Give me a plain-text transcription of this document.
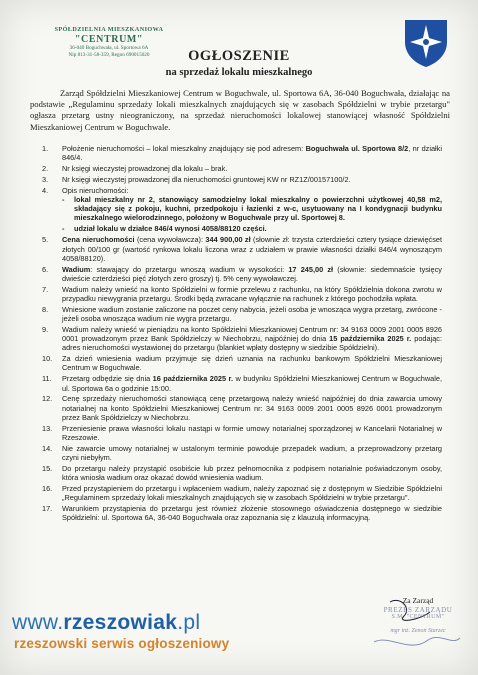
SPÓŁDZIELNIA MIESZKANIOWA
"CENTRUM"
36-040 Boguchwała, ul. Sportowa 6A
Nip 813-31-58-359, Regon 690015020	OGŁOSZENIE
na sprzedaż lokalu mieszkalnego
Zarząd Spółdzielni Mieszkaniowej Centrum w Boguchwale, ul. Sportowa 6A, 36-040 Boguchwała, działając na podstawie „Regulaminu sprzedaży lokali mieszkalnych znajdujących się w zasobach Spółdzielni w trybie przetargu" ogłasza przetarg ustny nieograniczony, na sprzedaż nieruchomości lokalowej stanowiącej własność Spółdzielni Mieszkaniowej Centrum w Boguchwale.
1. Położenie nieruchomości – lokal mieszkalny znajdujący się pod adresem: Boguchwała ul. Sportowa 8/2, nr działki 846/4.
2. Nr księgi wieczystej prowadzonej dla lokalu – brak.
3. Nr księgi wieczystej prowadzonej dla nieruchomości gruntowej KW nr RZ1Z/00157100/2.
4. Opis nieruchomości:
- lokal mieszkalny nr 2, stanowiący samodzielny lokal mieszkalny o powierzchni użytkowej 40,58 m2, składający się z pokoju, kuchni, przedpokoju i łazienki z w-c, usytuowany na I kondygnacji budynku mieszkalnego wielorodzinnego, położony w Boguchwale przy ul. Sportowej 8.
- udział lokalu w działce 846/4 wynosi 4058/88120 części.
5. Cena nieruchomości (cena wywoławcza): 344 900,00 zł (słownie zł: trzysta czterdzieści cztery tysiące dziewięćset złotych 00/100 gr (wartość rynkowa lokalu liczona wraz z udziałem w prawie własności działki 846/4 wynoszącym 4058/88120).
6. Wadium: stawający do przetargu wnoszą wadium w wysokości: 17 245,00 zł (słownie: siedemnaście tysięcy dwieście czterdzieści pięć złotych zero groszy) tj. 5% ceny wywoławczej.
7. Wadium należy wnieść na konto Spółdzielni w formie przelewu z rachunku, na który Spółdzielnia dokona zwrotu w przypadku niewygrania przetargu. Środki będą zwracane wyłącznie na rachunek z którego pochodziła wpłata.
8. Wniesione wadium zostanie zaliczone na poczet ceny nabycia, jeżeli osoba je wnosząca wygra przetarg, zwrócone - jeżeli osoba wnosząca wadium nie wygra przetargu.
9. Wadium należy wnieść w pieniądzu na konto Spółdzielni Mieszkaniowej Centrum nr: 34 9163 0009 2001 0005 8926 0001 prowadzonym przez Bank Spółdzielczy w Niechobrzu, najpóźniej do dnia 15 października 2025 r. podając: adres nieruchomości wystawionej do przetargu (blankiet wpłaty dostępny w siedzibie Spółdzielni).
10. Za dzień wniesienia wadium przyjmuje się dzień uznania na rachunku bankowym Spółdzielni Mieszkaniowej Centrum w Boguchwale.
11. Przetarg odbędzie się dnia 16 października 2025 r. w budynku Spółdzielni Mieszkaniowej Centrum w Boguchwale, ul. Sportowa 6a o godzinie 15:00.
12. Cenę sprzedaży nieruchomości stanowiącą cenę przetargową należy wnieść najpóźniej do dnia zawarcia umowy notarialnej na konto Spółdzielni Mieszkaniowej Centrum nr: 34 9163 0009 2001 0005 8926 0001 prowadzonym przez Bank Spółdzielczy w Niechobrzu.
13. Przeniesienie prawa własności lokalu nastąpi w formie umowy notarialnej sporządzonej w Kancelarii Notarialnej w Rzeszowie.
14. Nie zawarcie umowy notarialnej w ustalonym terminie powoduje przepadek wadium, a przeprowadzony przetarg czyni niebyłym.
15. Do przetargu należy przystąpić osobiście lub przez pełnomocnika z podpisem notarialnie poświadczonym osoby, która wniosła wadium oraz okazać dowód wniesienia wadium.
16. Przed przystąpieniem do przetargu i wpłaceniem wadium, należy zapoznać się z dostępnym w Siedzibie Spółdzielni „Regulaminem sprzedaży lokali mieszkalnych znajdujących się w zasobach Spółdzielni w trybie przetargu".
17. Warunkiem przystąpienia do przetargu jest również złożenie stosownego oświadczenia dostępnego w siedzibie Spółdzielni: ul. Sportowa 6A, 36-040 Boguchwała oraz zapoznania się z klauzulą informacyjną.
Za Zarząd
PREZES ZARZĄDU
S.M. "CENTRUM"
mgr inż. Zenon Starzec
www.rzeszowiak.pl
rzeszowski serwis ogłoszeniowy
